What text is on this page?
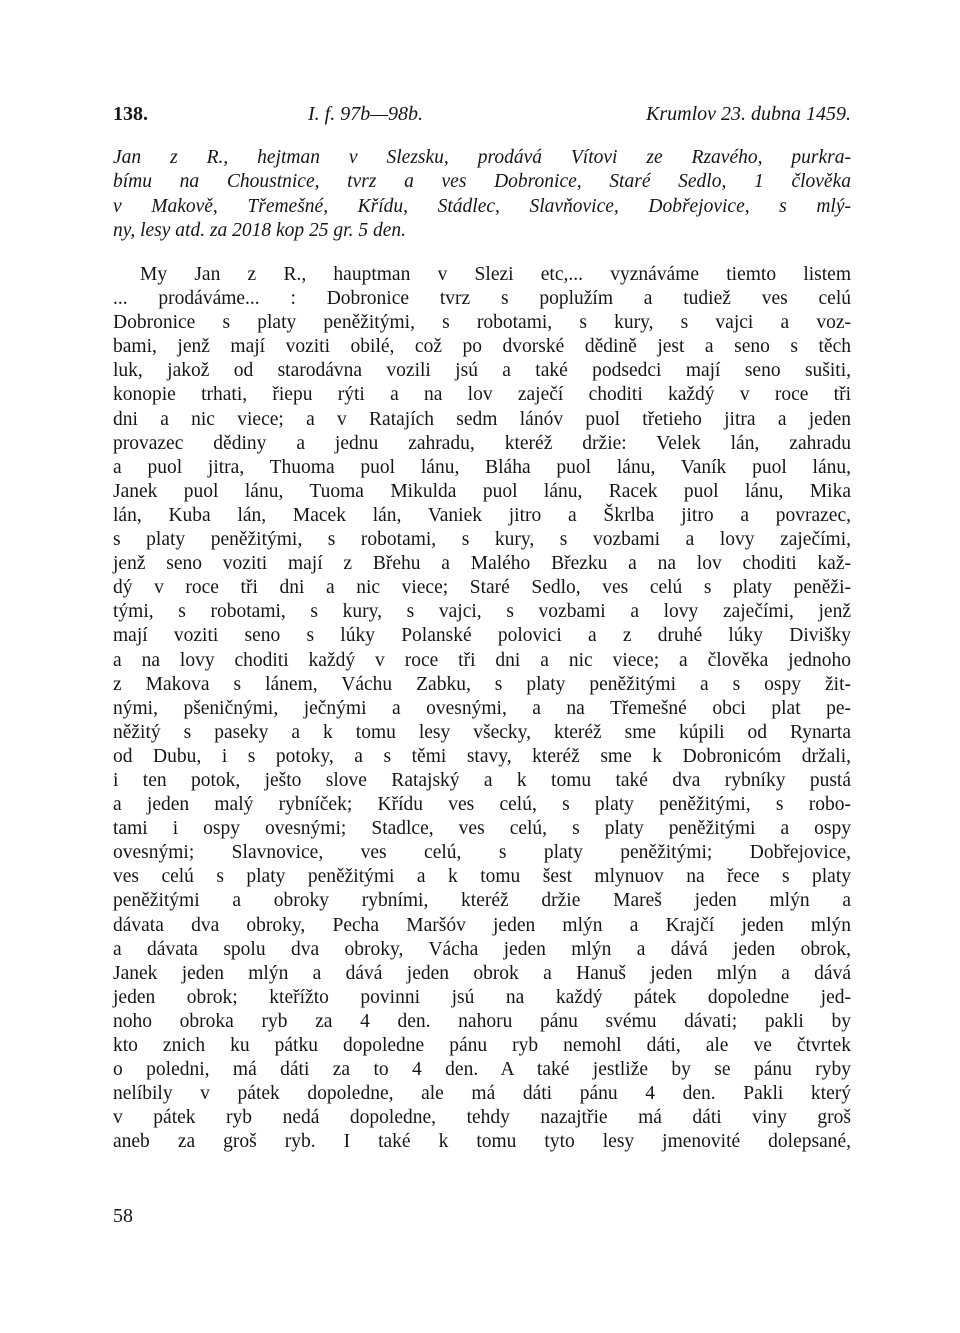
138.	I. f. 97b—98b.	Krumlov 23. dubna 1459.
Jan z R., hejtman v Slezsku, prodává Vítovi ze Rzavého, purkra-
bímu na Choustnice, tvrz a ves Dobronice, Staré Sedlo, 1 člověka
v Makově, Třemešné, Křídu, Stádlec, Slavňovice, Dobřejovice, s mlý-
ny, lesy atd. za 2018 kop 25 gr. 5 den.
My Jan z R., hauptman v Slezi etc,... vyznáváme tiemto listem
... prodáváme... : Dobronice tvrz s poplužím a tudiež ves celú
Dobronice s platy peněžitými, s robotami, s kury, s vajci a voz-
bami, jenž mají voziti obilé, což po dvorské dědině jest a seno s těch
luk, jakož od starodávna vozili jsú a také podsedci mají seno sušiti,
konopie trhati, řiepu rýti a na lov zaječí choditi každý v roce tři
dni a nic viece; a v Ratajích sedm lánóv puol třetieho jitra a jeden
provazec dědiny a jednu zahradu, kteréž držie: Velek lán, zahradu
a puol jitra, Thuoma puol lánu, Bláha puol lánu, Vaník puol lánu,
Janek puol lánu, Tuoma Mikulda puol lánu, Racek puol lánu, Mika
lán, Kuba lán, Macek lán, Vaniek jitro a Škrlba jitro a povrazec,
s platy peněžitými, s robotami, s kury, s vozbami a lovy zaječími,
jenž seno voziti mají z Břehu a Malého Březku a na lov choditi kaž-
dý v roce tři dni a nic viece; Staré Sedlo, ves celú s platy peněži-
tými, s robotami, s kury, s vajci, s vozbami a lovy zaječími, jenž
mají voziti seno s lúky Polanské polovici a z druhé lúky Divišky
a na lovy choditi každý v roce tři dni a nic viece; a člověka jednoho
z Makova s lánem, Váchu Zabku, s platy peněžitými a s ospy žit-
nými, pšeničnými, ječnými a ovesnými, a na Třemešné obci plat pe-
něžitý s paseky a k tomu lesy všecky, kteréž sme kúpili od Rynarta
od Dubu, i s potoky, a s těmi stavy, kteréž sme k Dobronicóm držali,
i ten potok, ješto slove Ratajský a k tomu také dva rybníky pustá
a jeden malý rybníček; Křídu ves celú, s platy peněžitými, s robo-
tami i ospy ovesnými; Stadlce, ves celú, s platy peněžitými a ospy
ovesnými; Slavnovice, ves celú, s platy peněžitými; Dobřejovice,
ves celú s platy peněžitými a k tomu šest mlynuov na řece s platy
peněžitými a obroky rybními, kteréž držie Mareš jeden mlýn a
dávata dva obroky, Pecha Maršóv jeden mlýn a Krajčí jeden mlýn
a dávata spolu dva obroky, Vácha jeden mlýn a dává jeden obrok,
Janek jeden mlýn a dává jeden obrok a Hanuš jeden mlýn a dává
jeden obrok; kteřížto povinni jsú na každý pátek dopoledne jed-
noho obroka ryb za 4 den. nahoru pánu svému dávati; pakli by
kto znich ku pátku dopoledne pánu ryb nemohl dáti, ale ve čtvrtek
o poledni, má dáti za to 4 den. A také jestliže by se pánu ryby
nelíbily v pátek dopoledne, ale má dáti pánu 4 den. Pakli který
v pátek ryb nedá dopoledne, tehdy nazajtřie má dáti viny groš
aneb za groš ryb. I také k tomu tyto lesy jmenovité dolepsané,
58
